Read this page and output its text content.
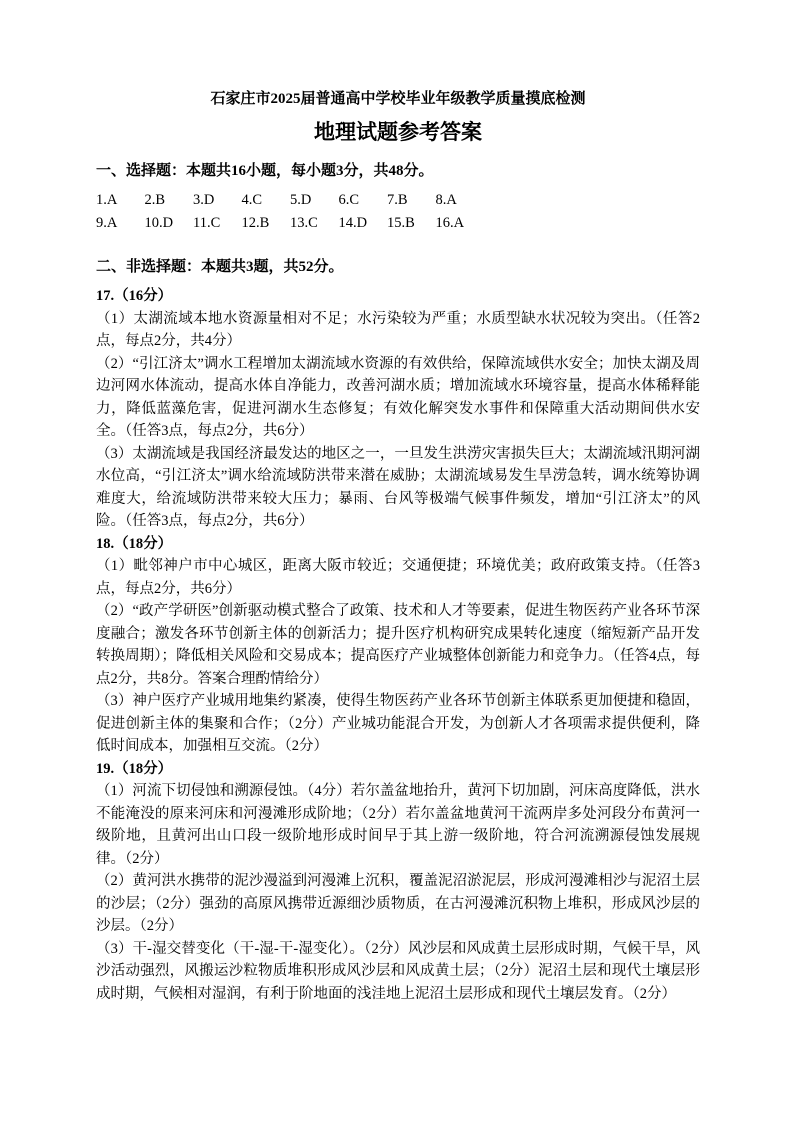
石家庄市2025届普通高中学校毕业年级教学质量摸底检测
地理试题参考答案
一、选择题：本题共16小题，每小题3分，共48分。
1.A 2.B 3.D 4.C 5.D 6.C 7.B 8.A
9.A 10.D 11.C 12.B 13.C 14.D 15.B 16.A
二、非选择题：本题共3题，共52分。
17.（16分）

（1）太湖流域本地水资源量相对不足；水污染较为严重；水质型缺水状况较为突出。（任答2点，每点2分，共4分）

（2）“引江济太”调水工程增加太湖流域水资源的有效供给，保障流域供水安全；加快太湖及周边河网水体流动，提高水体自净能力，改善河湖水质；增加流域水环境容量，提高水体稀释能力，降低蓝藻危害，促进河湖水生态修复；有效化解突发水事件和保障重大活动期间供水安全。（任答3点，每点2分，共6分）

（3）太湖流域是我国经济最发达的地区之一，一旦发生洪涝灾害损失巨大；太湖流域汛期河湖水位高，“引江济太”调水给流域防洪带来潜在威胁；太湖流域易发生旱涝急转，调水统筹协调难度大，给流域防洪带来较大压力；暴雨、台风等极端气候事件频发，增加“引江济太”的风险。（任答3点，每点2分，共6分）

18.（18分）

（1）毗邻神户市中心城区，距离大阪市较近；交通便捷；环境优美；政府政策支持。（任答3点，每点2分，共6分）

（2）“政产学研医”创新驱动模式整合了政策、技术和人才等要素，促进生物医药产业各环节深度融合；激发各环节创新主体的创新活力；提升医疗机构研究成果转化速度（缩短新产品开发转换周期）；降低相关风险和交易成本；提高医疗产业城整体创新能力和竞争力。（任答4点，每点2分，共8分。答案合理酌情给分）

（3）神户医疗产业城用地集约紧凑，使得生物医药产业各环节创新主体联系更加便捷和稳固，促进创新主体的集聚和合作；（2分）产业城功能混合开发，为创新人才各项需求提供便利，降低时间成本，加强相互交流。（2分）

19.（18分）

（1）河流下切侵蚀和溯源侵蚀。（4分）若尔盖盆地抬升，黄河下切加剧，河床高度降低，洪水不能淹没的原来河床和河漫滩形成阶地；（2分）若尔盖盆地黄河干流两岸多处河段分布黄河一级阶地，且黄河出山口段一级阶地形成时间早于其上游一级阶地，符合河流溯源侵蚀发展规律。（2分）

（2）黄河洪水携带的泥沙漫溢到河漫滩上沉积，覆盖泥沼淤泥层，形成河漫滩相沙与泥沼土层的沙层；（2分）强劲的高原风携带近源细沙质物质，在古河漫滩沉积物上堆积，形成风沙层的沙层。（2分）

（3）干-湿交替变化（干-湿-干-湿变化）。（2分）风沙层和风成黄土层形成时期，气候干旱，风沙活动强烈，风搬运沙粒物质堆积形成风沙层和风成黄土层；（2分）泥沼土层和现代土壤层形成时期，气候相对湿润，有利于阶地面的浅洼地上泥沼土层形成和现代土壤层发育。（2分）
